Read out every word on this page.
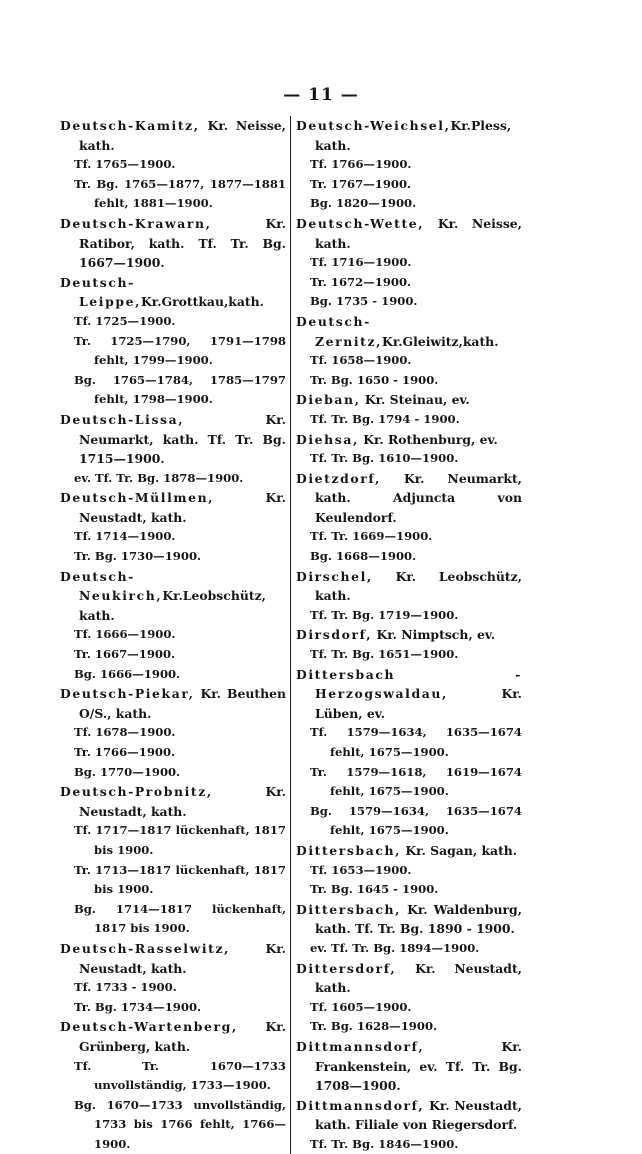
— 11 —
Deutsch-Kamitz, Kr. Neisse, kath.
Tf. 1765—1900.
Tr. Bg. 1765—1877, 1877—1881 fehlt, 1881—1900.
Deutsch-Krawarn, Kr. Ratibor, kath. Tf. Tr. Bg. 1667—1900.
Deutsch-Leippe,Kr.Grottkau,kath.
Tf. 1725—1900.
Tr. 1725—1790, 1791—1798 fehlt, 1799—1900.
Bg. 1765—1784, 1785—1797 fehlt, 1798—1900.
Deutsch-Lissa, Kr. Neumarkt, kath. Tf. Tr. Bg. 1715—1900.
ev. Tf. Tr. Bg. 1878—1900.
Deutsch-Müllmen, Kr. Neustadt, kath.
Tf. 1714—1900.
Tr. Bg. 1730—1900.
Deutsch-Neukirch,Kr.Leobschütz, kath.
Tf. 1666—1900.
Tr. 1667—1900.
Bg. 1666—1900.
Deutsch-Piekar, Kr. Beuthen O/S., kath.
Tf. 1678—1900.
Tr. 1766—1900.
Bg. 1770—1900.
Deutsch-Probnitz, Kr. Neustadt, kath.
Tf. 1717—1817 lückenhaft, 1817 bis 1900.
Tr. 1713—1817 lückenhaft, 1817 bis 1900.
Bg. 1714—1817 lückenhaft, 1817 bis 1900.
Deutsch-Rasselwitz, Kr. Neustadt, kath.
Tf. 1733 - 1900.
Tr. Bg. 1734—1900.
Deutsch-Wartenberg, Kr. Grünberg, kath.
Tf. Tr. 1670—1733 unvollständig, 1733—1900.
Bg. 1670—1733 unvollständig, 1733 bis 1766 fehlt, 1766—1900.
Deutsch-Weichsel,Kr.Pless, kath.
Tf. 1766—1900.
Tr. 1767—1900.
Bg. 1820—1900.
Deutsch-Wette, Kr. Neisse, kath.
Tf. 1716—1900.
Tr. 1672—1900.
Bg. 1735 - 1900.
Deutsch-Zernitz,Kr.Gleiwitz,kath.
Tf. 1658—1900.
Tr. Bg. 1650 - 1900.
Dieban, Kr. Steinau, ev.
Tf. Tr. Bg. 1794 - 1900.
Diehsa, Kr. Rothenburg, ev.
Tf. Tr. Bg. 1610—1900.
Dietzdorf, Kr. Neumarkt, kath. Adjuncta von Keulendorf.
Tf. Tr. 1669—1900.
Bg. 1668—1900.
Dirschel, Kr. Leobschütz, kath.
Tf. Tr. Bg. 1719—1900.
Dirsdorf, Kr. Nimptsch, ev.
Tf. Tr. Bg. 1651—1900.
Dittersbach - Herzogswaldau, Kr. Lüben, ev.
Tf. 1579—1634, 1635—1674 fehlt, 1675—1900.
Tr. 1579—1618, 1619—1674 fehlt, 1675—1900.
Bg. 1579—1634, 1635—1674 fehlt, 1675—1900.
Dittersbach, Kr. Sagan, kath.
Tf. 1653—1900.
Tr. Bg. 1645 - 1900.
Dittersbach, Kr. Waldenburg, kath. Tf. Tr. Bg. 1890 - 1900.
ev. Tf. Tr. Bg. 1894—1900.
Dittersdorf, Kr. Neustadt, kath.
Tf. 1605—1900.
Tr. Bg. 1628—1900.
Dittmannsdorf, Kr. Frankenstein, ev. Tf. Tr. Bg. 1708—1900.
Dittmannsdorf, Kr. Neustadt, kath. Filiale von Riegersdorf.
Tf. Tr. Bg. 1846—1900.
